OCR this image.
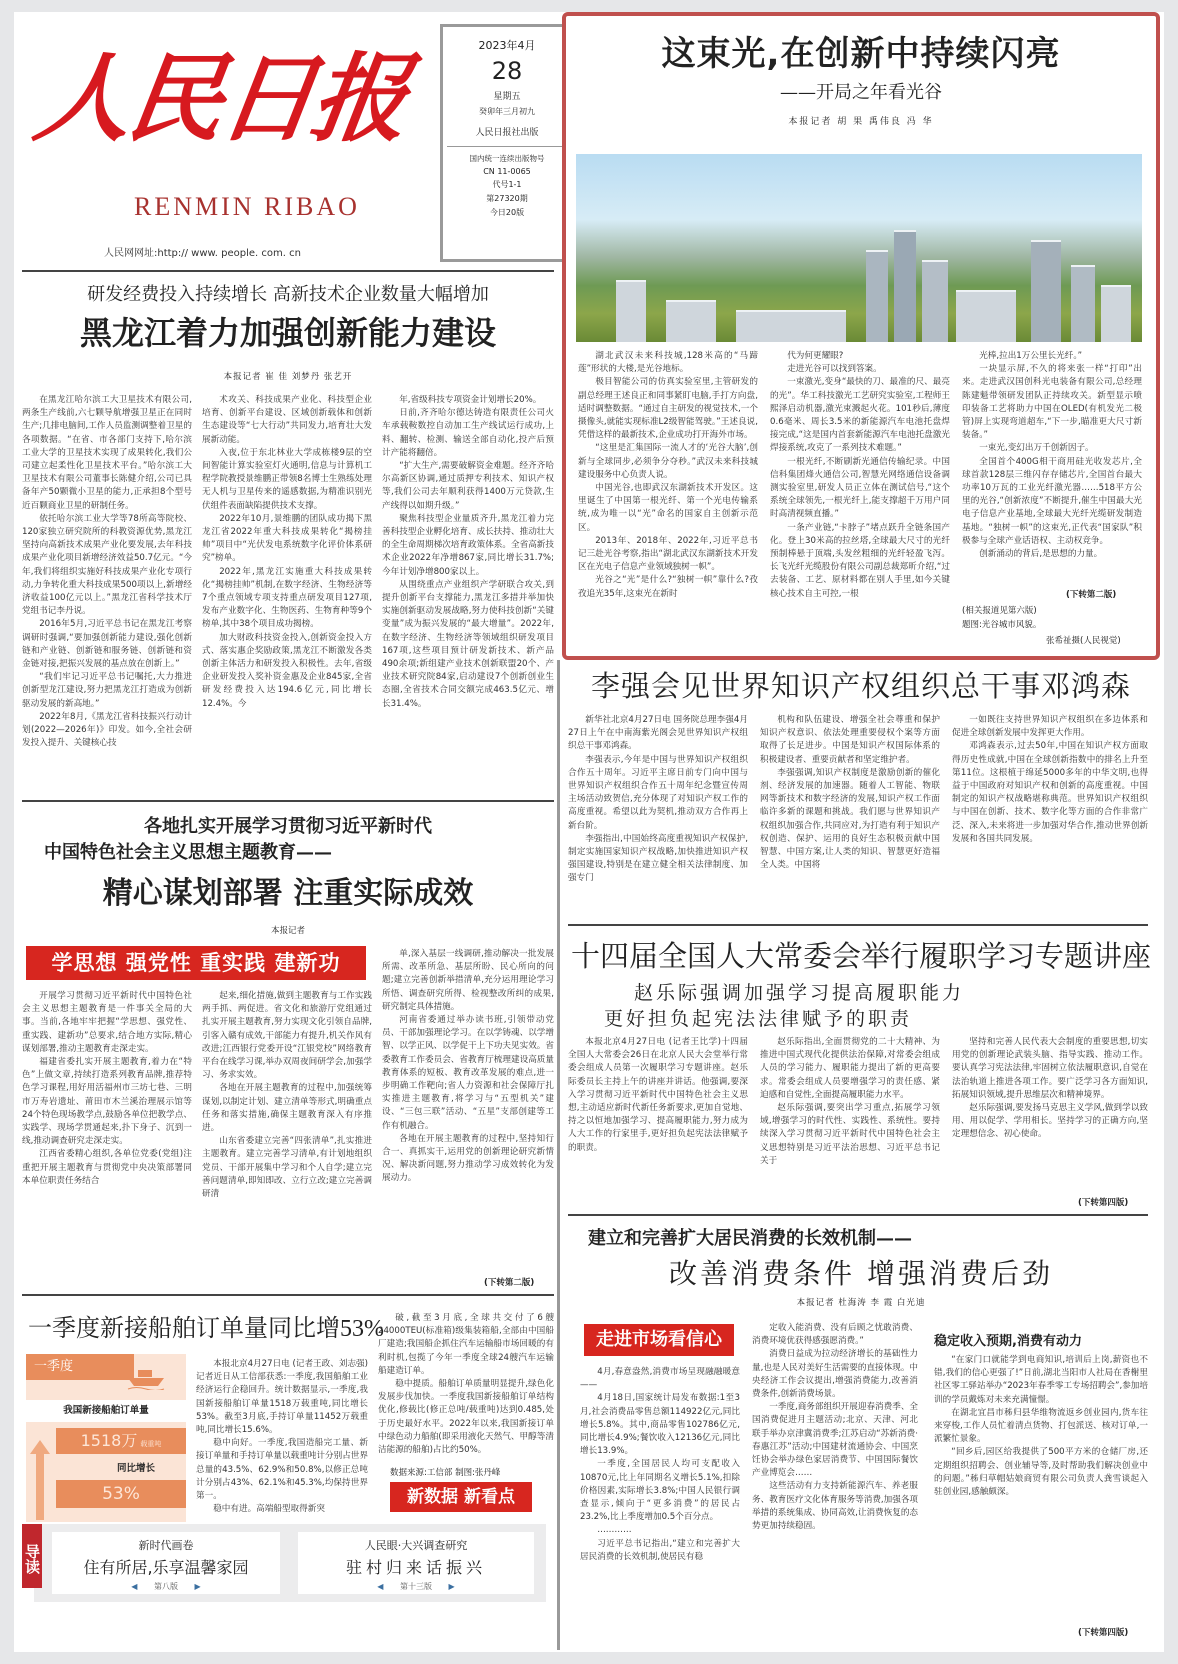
人民日报
RENMIN RIBAO
人民网网址:http:// www. people. com. cn
2023年4月
28
星期五
癸卯年三月初九
人民日报社出版
国内统一连续出版物号
CN 11-0065
代号1-1
第27320期
今日20版
这束光,在创新中持续闪亮
——开局之年看光谷
本报记者 胡 果 禹伟良 冯 华

湖北武汉未来科技城,128米高的“马蹄莲”形状的大楼,是光谷地标。

极目智能公司的仿真实验室里,主管研发的副总经理王述良正和同事紧盯电脑,手打方向盘,适时调整数据。“通过自主研发的视觉技术,一个摄像头,就能实现标准L2级智能驾驶。”王述良说,凭借这样的最新技术,企业成功打开海外市场。

“这里是汇集国际一流人才的‘光谷大脑’,创新与全球同步,必须争分夺秒。”武汉未来科技城建设服务中心负责人说。

中国光谷,也即武汉东湖新技术开发区。这里诞生了中国第一根光纤、第一个光电传输系统,成为唯一以“光”命名的国家自主创新示范区。

2013年、2018年、2022年,习近平总书记三赴光谷考察,指出“湖北武汉东湖新技术开发区在光电子信息产业领域独树一帜”。

光谷之“光”是什么?“独树一帜”靠什么?孜孜追光35年,这束光在新时

代为何更耀眼?

走进光谷可以找到答案。

一束激光,变身“最快的刀、最准的尺、最亮的光”。华工科技激光工艺研究实验室,工程师王熙泽启动机器,激光束溅起火花。101秒后,薄度0.6毫米、周长3.5米的新能源汽车电池托盘焊接完成,“这是国内首套新能源汽车电池托盘激光焊接系统,攻克了一系列技术难题。”

一根光纤,不断刷新光通信传输纪录。中国信科集团烽火通信公司,智慧光网络通信设备调测实验室里,研发人员正立体在测试信号,“这个系统全球领先,一根光纤上,能支撑超千万用户同时高清视频直播。”

一条产业链,“卡脖子”堵点跃升全链条国产化。登上30米高的拉丝塔,全球最大尺寸的光纤预制棒悬于顶端,头发丝粗细的光纤轻盈飞泻。长飞光纤光缆股份有限公司副总裁郑昕介绍,“过去装备、工艺、原材料都在别人手里,如今关键核心技术自主可控,一根

光棒,拉出1万公里长光纤。”

一块显示屏,不久的将来张一样“打印”出来。走进武汉国创科光电装备有限公司,总经理陈建魁带领研发团队正持续攻关。新型显示喷印装备工艺将助力中国在OLED(有机发光二极管)屏上实现弯道超车,“下一步,瞄准更大尺寸新装备。”

一束光,变幻出万千创新因子。

全国首个400G相干商用硅光收发芯片,全球首款128层三维闪存存储芯片,全国首台最大功率10万瓦的工业光纤激光器……518平方公里的光谷,“创新浓度”不断提升,催生中国最大光电子信息产业基地,全球最大光纤光缆研发制造基地。“独树一帜”的这束光,正代表“国家队”积极参与全球产业话语权、主动权竞争。

创新涌动的背后,是思想的力量。

(下转第二版)
(相关报道见第六版)
题图:光谷城市风貌。
张希祉摄(人民视觉)
研发经费投入持续增长 高新技术企业数量大幅增加
黑龙江着力加强创新能力建设
本报记者 崔 佳 刘梦丹 张艺开

在黑龙江哈尔滨工大卫星技术有限公司,两条生产线前,六七颗导航增强卫星正在同时生产;几排电脑间,工作人员监测调整着卫星的各项数据。“在省、市各部门支持下,哈尔滨工业大学的卫星技术实现了成果转化,我们公司建立起柔性化卫星技术平台。”哈尔滨工大卫星技术有限公司董事长陈健介绍,公司已具备年产50颗微小卫星的能力,正承担8个型号近百颗商业卫星的研制任务。

依托哈尔滨工业大学等78所高等院校、120家独立研究院所的科教资源优势,黑龙江坚持向高新技术成果产业化要发展,去年科技成果产业化项目新增经济效益50.7亿元。“今年,我们将组织实施好科技成果产业化专项行动,力争转化重大科技成果500项以上,新增经济收益100亿元以上。”黑龙江省科学技术厅党组书记李丹说。

2016年5月,习近平总书记在黑龙江考察调研时强调,“要加强创新能力建设,强化创新链和产业链、创新链和服务链、创新链和资金链对接,把振兴发展的基点放在创新上。”

“我们牢记习近平总书记嘱托,大力推进创新型龙江建设,努力把黑龙江打造成为创新驱动发展的新高地。”

2022年8月,《黑龙江省科技振兴行动计划(2022—2026年)》印发。如今,全社会研发投入提升、关键核心技

术攻关、科技成果产业化、科技型企业培育、创新平台建设、区域创新载体和创新生态建设等“七大行动”共同发力,培育壮大发展新动能。

入夜,位于东北林业大学成栋楼9层的空间智能计算实验室灯火通明,信息与计算机工程学院教授景维鹏正带领8名博士生熟练处理无人机与卫星传来的遥感数据,为精准识别光伏组件表面缺陷提供技术支撑。

2022年10月,景维鹏的团队成功揭下黑龙江省2022年重大科技成果转化“揭榜挂帅”项目中“光伏发电系统数字化评价体系研究”榜单。

2022年,黑龙江实施重大科技成果转化“揭榜挂帅”机制,在数字经济、生物经济等7个重点领域专项支持重点研发项目127项,发布产业数字化、生物医药、生物育种等9个榜单,其中38个项目成功揭榜。

加大财政科技资金投入,创新资金投入方式、落实惠企奖励政策,黑龙江不断激发各类创新主体活力和研发投入积极性。去年,省级企业研发投入奖补资金惠及企业845家,全省研发经费投入达194.6亿元,同比增长12.4%。今

年,省级科技专项资金计划增长20%。

日前,齐齐哈尔德达铸造有限责任公司火车承载鞍数控自动加工生产线试运行成功,上料、翻转、检测、输送全部自动化,投产后预计产能将翻倍。

“扩大生产,需要破解资金难题。经齐齐哈尔高新区协调,通过质押专利技术、知识产权等,我们公司去年顺利获得1400万元贷款,生产线得以如期升级。”

聚焦科技型企业量质齐升,黑龙江着力完善科技型企业孵化培育、成长扶持、推动壮大的全生命周期梯次培育政策体系。全省高新技术企业2022年净增867家,同比增长31.7%;今年计划净增800家以上。

从围绕重点产业组织产学研联合攻关,到提升创新平台支撑能力,黑龙江多措并举加快实施创新驱动发展战略,努力使科技创新“关键变量”成为振兴发展的“最大增量”。2022年,在数字经济、生物经济等领域组织研发项目167项,这些项目预计研发新技术、新产品490余项;新组建产业技术创新联盟20个、产业技术研究院84家,启动建设7个创新创业生态圈,全省技术合同交额完成463.5亿元、增长31.4%。

各地扎实开展学习贯彻习近平新时代
中国特色社会主义思想主题教育——
精心谋划部署 注重实际成效
本报记者
学思想 强党性 重实践 建新功

开展学习贯彻习近平新时代中国特色社会主义思想主题教育是一件事关全局的大事。当前,各地牢牢把握“学思想、强党性、重实践、建新功”总要求,结合地方实际,精心谋划部署,推动主题教育走深走实。

福建省委扎实开展主题教育,着力在“特色”上做文章,持续打造系列教育品牌,推荐特色学习课程,用好用活福州市三坊七巷、三明市万寿岩遗址、莆田市木兰溪治理展示馆等24个特色现场教学点,鼓励各单位把教学点、实践学、现场学贯通起来,扑下身子、沉到一线,推动调查研究走深走实。

江西省委精心组织,各单位党委(党组)注重把开展主题教育与贯彻党中央决策部署同本单位职责任务结合

起来,细化措施,做到主题教育与工作实践两手抓、两促进。省文化和旅游厅党组通过扎实开展主题教育,努力实现文化引领自品牌,引客入赣有成效,干部能力有提升,机关作风有改进;江西银行党委开设“江银党校”网络教育平台在线学习课,举办双周夜间研学会,加强学习、务求实效。

各地在开展主题教育的过程中,加强统筹谋划,以制定计划、建立清单等形式,明确重点任务和落实措施,确保主题教育深入有序推进。

山东省委建立完善“四张清单”,扎实推进主题教育。建立完善学习清单,有计划地组织党员、干部开展集中学习和个人自学;建立完善问题清单,即知即改、立行立改;建立完善调研清

单,深入基层一线调研,推动解决一批发展所需、改革所急、基层所盼、民心所向的问题;建立完善创新举措清单,充分运用理论学习所悟、调查研究所得、检视整改所纠的成果,研究制定具体措施。

河南省委通过举办读书班,引领带动党员、干部加强理论学习。在以学铸魂、以学增智、以学正风、以学促干上下功夫见实效。省委教育工作委员会、省教育厅梳理建设高质量教育体系的短板、教育改革发展的难点,进一步明确工作靶向;省人力资源和社会保障厅扎实推进主题教育,将学习与“五型机关”建设、“三包三联”活动、“五星”支部创建等工作有机融合。

各地在开展主题教育的过程中,坚持知行合一、真抓实干,运用党的创新理论研究新情况、解决新问题,努力推动学习成效转化为发展动力。

(下转第二版)
一季度新接船舶订单量同比增53%
一季度
我国新接船舶订单量
1518万 载重吨
同比增长
53%

本报北京4月27日电 (记者王政、刘志强)记者近日从工信部获悉:一季度,我国船舶工业经济运行企稳回升。统计数据显示,一季度,我国新接船舶订单量1518万载重吨,同比增长53%。截至3月底,手持订单量11452万载重吨,同比增长15.6%。

稳中向好。一季度,我国造船完工量、新接订单量和手持订单量以载重吨计分别占世界总量的43.5%、62.9%和50.8%,以修正总吨计分别占43%、62.1%和45.3%,均保持世界第一。

稳中有进。高端船型取得新突

破,截至3月底,全球共交付了6艘24000TEU(标准箱)级集装箱船,全部由中国船厂建造;我国船企抓住汽车运输船市场回暖的有利时机,包揽了今年一季度全球24艘汽车运输船建造订单。

稳中提质。船舶订单质量明显提升,绿色化发展步伐加快。一季度我国新接船舶订单结构优化,修载比(修正总吨/载重吨)达到0.485,处于历史最好水平。2022年以来,我国新接订单中绿色动力船舶(即采用液化天然气、甲醇等清洁能源的船舶)占比约50%。

数据来源:工信部 制图:张丹峰
新数据 新看点
导读	新时代画卷
住有所居,乐享温馨家园
◀ 第八版 ▶
人民眼·大兴调查研究
驻村归来话振兴
◀ 第十三版 ▶
李强会见世界知识产权组织总干事邓鸿森

新华社北京4月27日电 国务院总理李强4月27日上午在中南海紫光阁会见世界知识产权组织总干事邓鸿森。

李强表示,今年是中国与世界知识产权组织合作五十周年。习近平主席日前专门向中国与世界知识产权组织合作五十周年纪念暨宣传周主场活动致贺信,充分体现了对知识产权工作的高度重视。希望以此为契机,推动双方合作再上新台阶。

李强指出,中国始终高度重视知识产权保护,制定实施国家知识产权战略,加快推进知识产权强国建设,特别是在建立健全相关法律制度、加强专门

机构和队伍建设、增强全社会尊重和保护知识产权意识、依法处理重要侵权个案等方面取得了长足进步。中国是知识产权国际体系的积极建设者、重要贡献者和坚定维护者。

李强强调,知识产权制度是激励创新的催化剂、经济发展的加速器。随着人工智能、物联网等新技术和数字经济的发展,知识产权工作面临许多新的课题和挑战。我们愿与世界知识产权组织加强合作,共同应对,为打造有利于知识产权创造、保护、运用的良好生态积极贡献中国智慧、中国方案,让人类的知识、智慧更好造福全人类。中国将

一如既往支持世界知识产权组织在多边体系和促进全球创新发展中发挥更大作用。

邓鸿森表示,过去50年,中国在知识产权方面取得历史性成就,中国在全球创新指数中的排名上升至第11位。这根植于绵延5000多年的中华文明,也得益于中国政府对知识产权和创新的高度重视。中国制定的知识产权战略堪称典范。世界知识产权组织与中国在创新、技术、数字化等方面的合作非常广泛、深入,未来将进一步加强对华合作,推动世界创新发展和各国共同发展。

十四届全国人大常委会举行履职学习专题讲座
赵乐际强调加强学习提高履职能力
更好担负起宪法法律赋予的职责

本报北京4月27日电 (记者王比学)十四届全国人大常委会26日在北京人民大会堂举行常委会组成人员第一次履职学习专题讲座。赵乐际委员长主持上午的讲座并讲话。他强调,要深入学习贯彻习近平新时代中国特色社会主义思想,主动适应新时代新任务新要求,更加自觉地、持之以恒地加强学习、提高履职能力,努力成为人大工作的行家里手,更好担负起宪法法律赋予的职责。

赵乐际指出,全面贯彻党的二十大精神、为推进中国式现代化提供法治保障,对常委会组成人员的学习能力、履职能力提出了新的更高要求。常委会组成人员要增强学习的责任感、紧迫感和自觉性,全面提高履职能力水平。

赵乐际强调,要突出学习重点,拓展学习领域,增强学习的时代性、实践性、系统性。要持续深入学习贯彻习近平新时代中国特色社会主义思想特别是习近平法治思想、习近平总书记关于

坚持和完善人民代表大会制度的重要思想,切实用党的创新理论武装头脑、指导实践、推动工作。要认真学习宪法法律,牢固树立依法履职意识,自觉在法治轨道上推进各项工作。要广泛学习各方面知识,拓展知识领域,提升思维层次和精神境界。

赵乐际强调,要发扬马克思主义学风,做到学以致用、用以促学、学用相长。坚持学习的正确方向,坚定理想信念、初心使命。

(下转第四版)
建立和完善扩大居民消费的长效机制——
改善消费条件 增强消费后劲
本报记者 杜海涛 李 霞 白光迪
走进市场看信心

4月,春意盎然,消费市场呈现融融暖意——

4月18日,国家统计局发布数据:1至3月,社会消费品零售总额114922亿元,同比增长5.8%。其中,商品零售102786亿元,同比增长4.9%;餐饮收入12136亿元,同比增长13.9%。

一季度,全国居民人均可支配收入10870元,比上年同期名义增长5.1%,扣除价格因素,实际增长3.8%;中国人民银行调查显示,倾向于“更多消费”的居民占23.2%,比上季度增加0.5个百分点。

…………

习近平总书记指出,“建立和完善扩大居民消费的长效机制,使居民有稳

定收入能消费、没有后顾之忧敢消费、消费环境优获得感强愿消费。”

消费日益成为拉动经济增长的基础性力量,也是人民对美好生活需要的直接体现。中央经济工作会议提出,增强消费能力,改善消费条件,创新消费场景。

一季度,商务部组织开展迎春消费季、全国消费促进月主题活动;北京、天津、河北联手举办京津冀消费季;江苏启动“苏新消费·春惠江苏”活动;中国建材流通协会、中国烹饪协会举办绿色家居消费节、中国国际餐饮产业博览会……

这些活动有力支持新能源汽车、养老服务、教育医疗文化体育服务等消费,加强各项举措的系统集成、协同高效,让消费恢复的态势更加持续稳固。

稳定收入预期,消费有动力

“在家门口就能学到电商知识,培训后上岗,薪资也不错,我们的信心更强了!”日前,湖北当阳市人社局在香榭里社区零工驿站举办“2023年春季零工专场招聘会”,参加培训的学员戴炼对未来充满憧憬。

在湖北宜昌市秭归县华维物流返乡创业园内,货车往来穿梭,工作人员忙着清点货物、打包派送、核对订单,一派繁忙景象。

“回乡后,园区给我提供了500平方米的仓储厂房,还定期组织招聘会、创业辅导等,及时帮助我们解决创业中的问题。”秭归草帽姑娘商贸有限公司负责人龚雪谈起入驻创业园,感触颇深。

(下转第四版)
